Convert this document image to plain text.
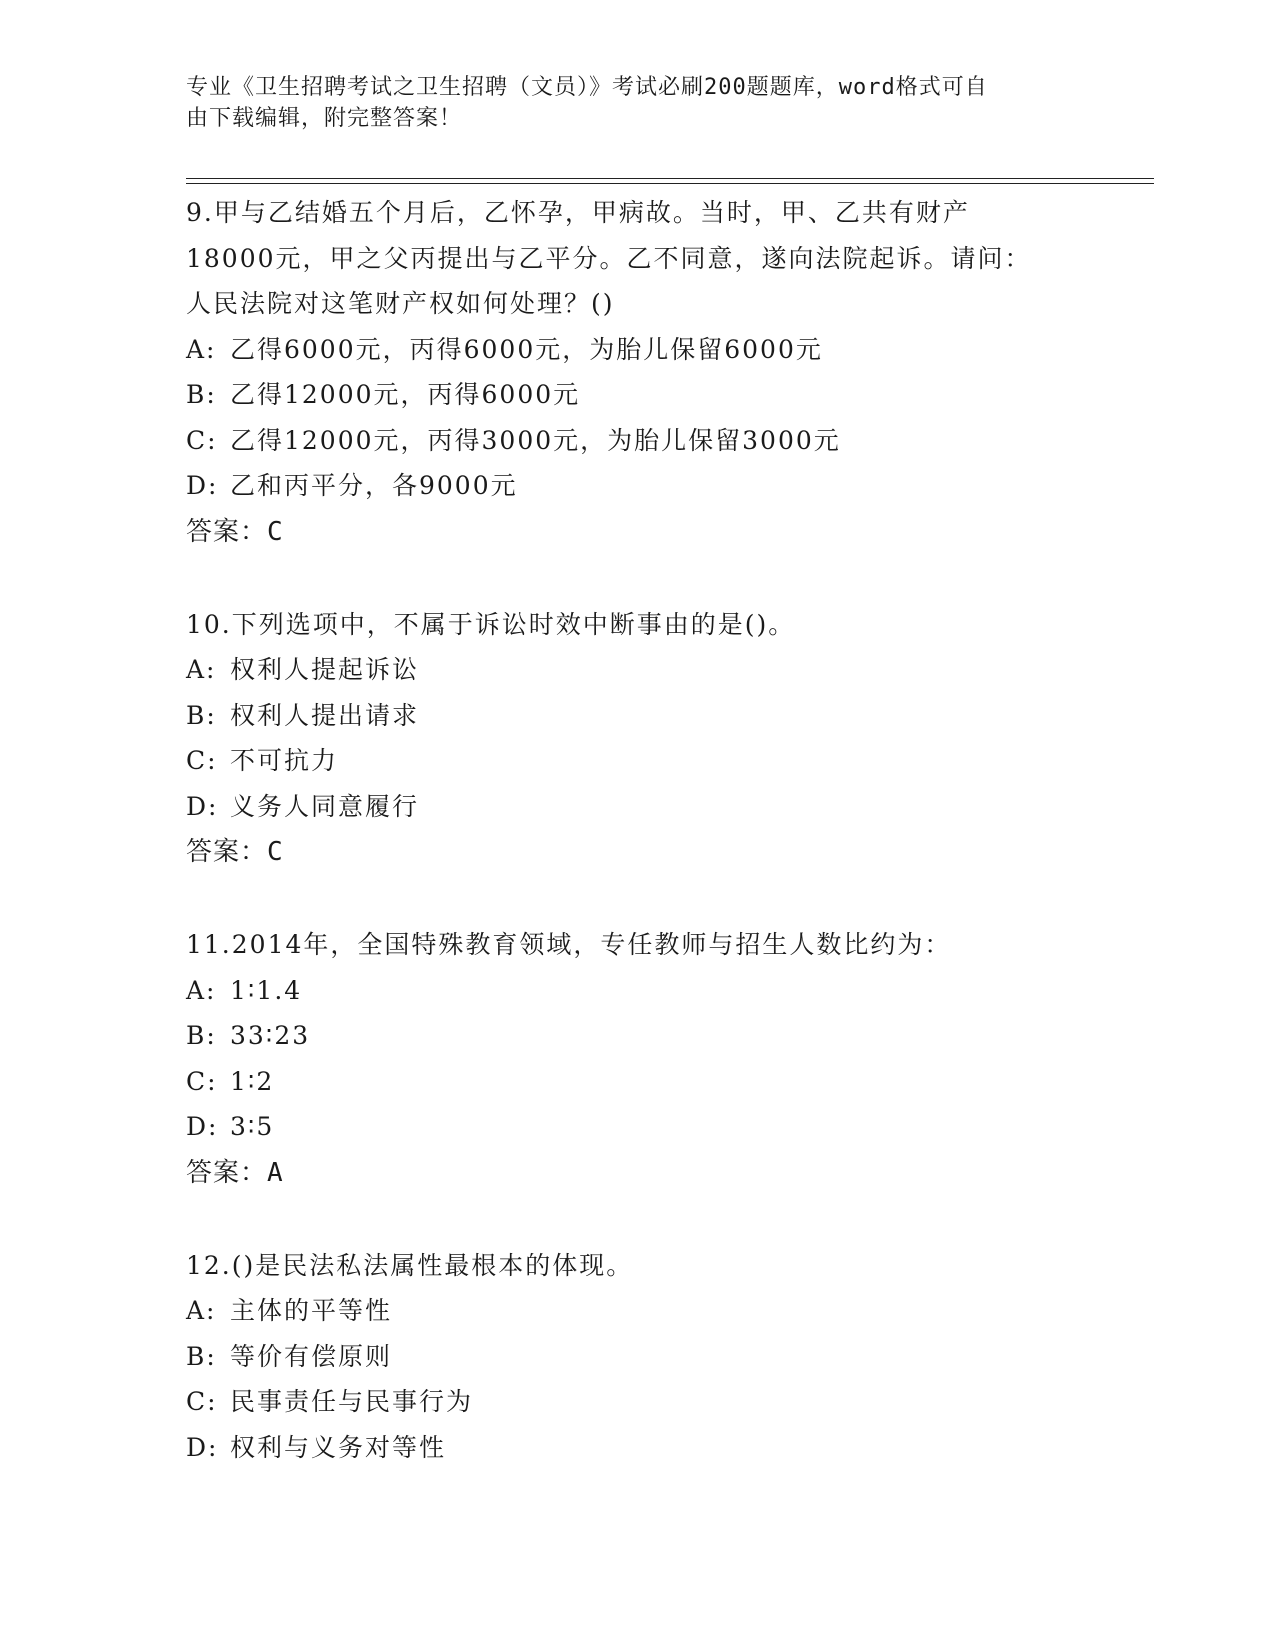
专业《卫生招聘考试之卫生招聘（文员）》考试必刷200题题库，word格式可自
由下载编辑，附完整答案！
9.甲与乙结婚五个月后，乙怀孕，甲病故。当时，甲、乙共有财产
18000元，甲之父丙提出与乙平分。乙不同意，遂向法院起诉。请问：
人民法院对这笔财产权如何处理？()
A: 乙得6000元，丙得6000元，为胎儿保留6000元
B: 乙得12000元，丙得6000元
C: 乙得12000元，丙得3000元，为胎儿保留3000元
D: 乙和丙平分，各9000元
答案：C
10.下列选项中，不属于诉讼时效中断事由的是()。
A: 权利人提起诉讼
B: 权利人提出请求
C: 不可抗力
D: 义务人同意履行
答案：C
11.2014年，全国特殊教育领域，专任教师与招生人数比约为：
A: 1∶1.4
B: 33∶23
C: 1∶2
D: 3∶5
答案：A
12.()是民法私法属性最根本的体现。
A: 主体的平等性
B: 等价有偿原则
C: 民事责任与民事行为
D: 权利与义务对等性
